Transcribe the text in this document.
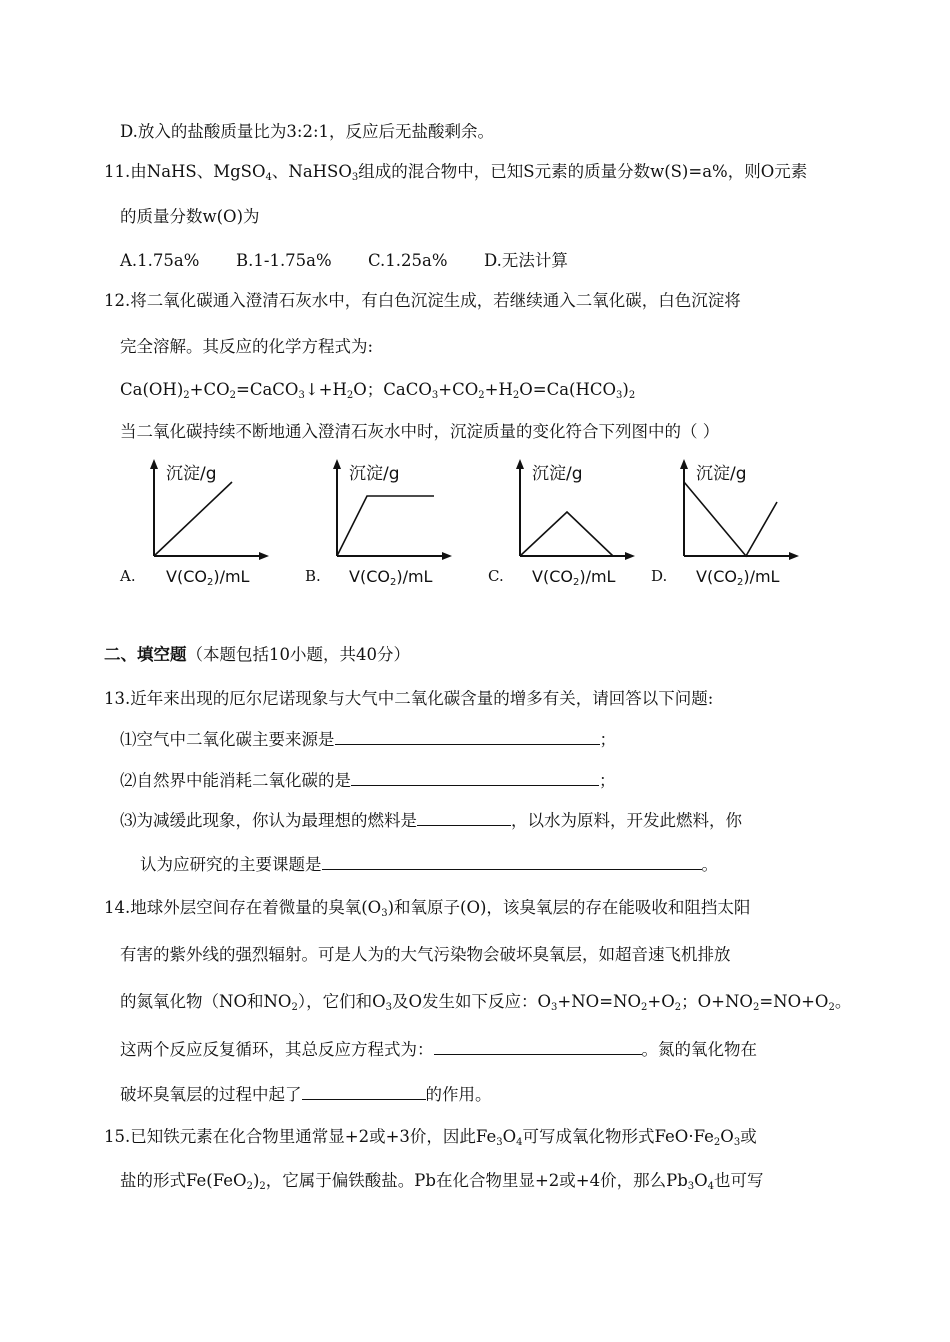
D.放入的盐酸质量比为3:2:1，反应后无盐酸剩余。
11.由NaHS、MgSO$_4$、NaHSO$_3$组成的混合物中，已知S元素的质量分数w(S)=a%，则O元素
的质量分数w(O)为
A.1.75a% B.1-1.75a% C.1.25a% D.无法计算
12.将二氧化碳通入澄清石灰水中，有白色沉淀生成，若继续通入二氧化碳，白色沉淀将
完全溶解。其反应的化学方程式为:
$Ca(OH)_2+CO_2=CaCO_3↓+H_2O$；$CaCO_3+CO_2+H_2O=Ca(HCO_3)_2$
当二氧化碳持续不断地通入澄清石灰水中时，沉淀质量的变化符合下列图中的（ ）
A.
沉淀/g
V(CO2)/mL	B.
沉淀/g
V(CO2)/mL	C.
沉淀/g
V(CO2)/mL D.
沉淀/g
V(CO2)/mL
二、填空题（本题包括10小题，共40分）
13.近年来出现的厄尔尼诺现象与大气中二氧化碳含量的增多有关，请回答以下问题:
⑴空气中二氧化碳主要来源是	；
⑵自然界中能消耗二氧化碳的是	；
⑶为减缓此现象，你认为最理想的燃料是	，以水为原料，开发此燃料，你
认为应研究的主要课题是	。
14.地球外层空间存在着微量的臭氧$(O_3)$和氧原子(O)，该臭氧层的存在能吸收和阻挡太阳
有害的紫外线的强烈辐射。可是人为的大气污染物会破坏臭氧层，如超音速飞机排放
的氮氧化物（NO和$NO_2$），它们和$O_3$及O发生如下反应：$O_3+NO=NO_2+O_2$；$O+NO_2=NO+O_2$。
这两个反应反复循环，其总反应方程式为：	。氮的氧化物在
破坏臭氧层的过程中起了	的作用。
15.已知铁元素在化合物里通常显+2或+3价，因此$Fe_3O_4$可写成氧化物形式$FeO\cdot Fe_2O_3$或
盐的形式$Fe(FeO_2)_2$，它属于偏铁酸盐。Pb在化合物里显+2或+4价，那么$Pb_3O_4$也可写
